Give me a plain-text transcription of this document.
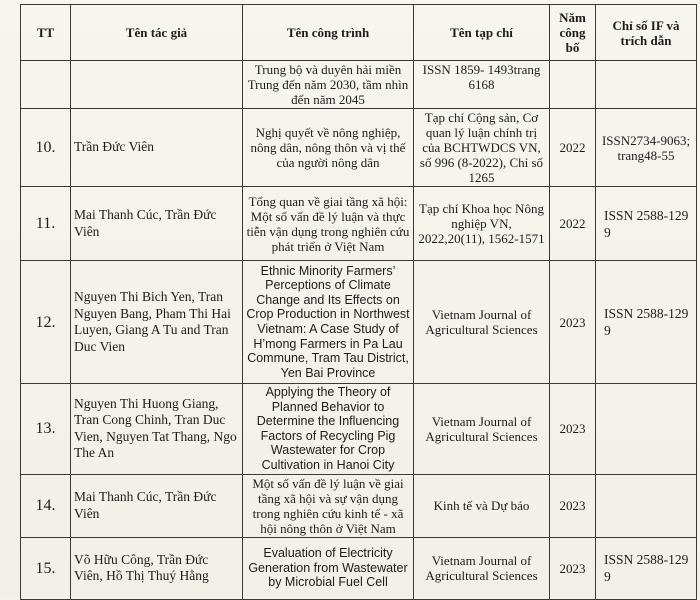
TT	Tên tác giả	Tên công trình	Tên tạp chí	Năm công bố	Chỉ số IF và trích dẫn
		Trung bộ và duyên hải miền Trung đến năm 2030, tầm nhìn đến năm 2045	ISSN 1859- 1493trang 6168		
10.	Trần Đức Viên	Nghị quyết về nông nghiệp, nông dân, nông thôn và vị thế của người nông dân	Tạp chí Cộng sản, Cơ quan lý luận chính trị của BCHTWDCS VN, số 996 (8-2022), Chỉ số 1265	2022	ISSN2734-9063; trang48-55
11.	Mai Thanh Cúc, Trần Đức Viên	Tổng quan về giai tầng xã hội: Một số vấn đề lý luận và thực tiễn vận dụng trong nghiên cứu phát triển ở Việt Nam	Tạp chí Khoa học Nông nghiệp VN, 2022,20(11), 1562-1571	2022	ISSN 2588-129 9
12.	Nguyen Thi Bich Yen, Tran Nguyen Bang, Pham Thi Hai Luyen, Giang A Tu and Tran Duc Vien	Ethnic Minority Farmers’ Perceptions of Climate Change and Its Effects on Crop Production in Northwest Vietnam: A Case Study of H’mong Farmers in Pa Lau Commune, Tram Tau District, Yen Bai Province	Vietnam Journal of Agricultural Sciences	2023	ISSN 2588-129 9
13.	Nguyen Thi Huong Giang, Tran Cong Chinh, Tran Duc Vien, Nguyen Tat Thang, Ngo The An	Applying the Theory of Planned Behavior to Determine the Influencing Factors of Recycling Pig Wastewater for Crop Cultivation in Hanoi City	Vietnam Journal of Agricultural Sciences	2023	
14.	Mai Thanh Cúc, Trần Đức Viên	Một số vấn đề lý luận về giai tầng xã hội và sự vận dụng trong nghiên cứu kinh tế - xã hội nông thôn ở Việt Nam	Kinh tế và Dự báo	2023	
15.	Võ Hữu Công, Trần Đức Viên, Hồ Thị Thuý Hằng	Evaluation of Electricity Generation from Wastewater by Microbial Fuel Cell	Vietnam Journal of Agricultural Sciences	2023	ISSN 2588-129 9
